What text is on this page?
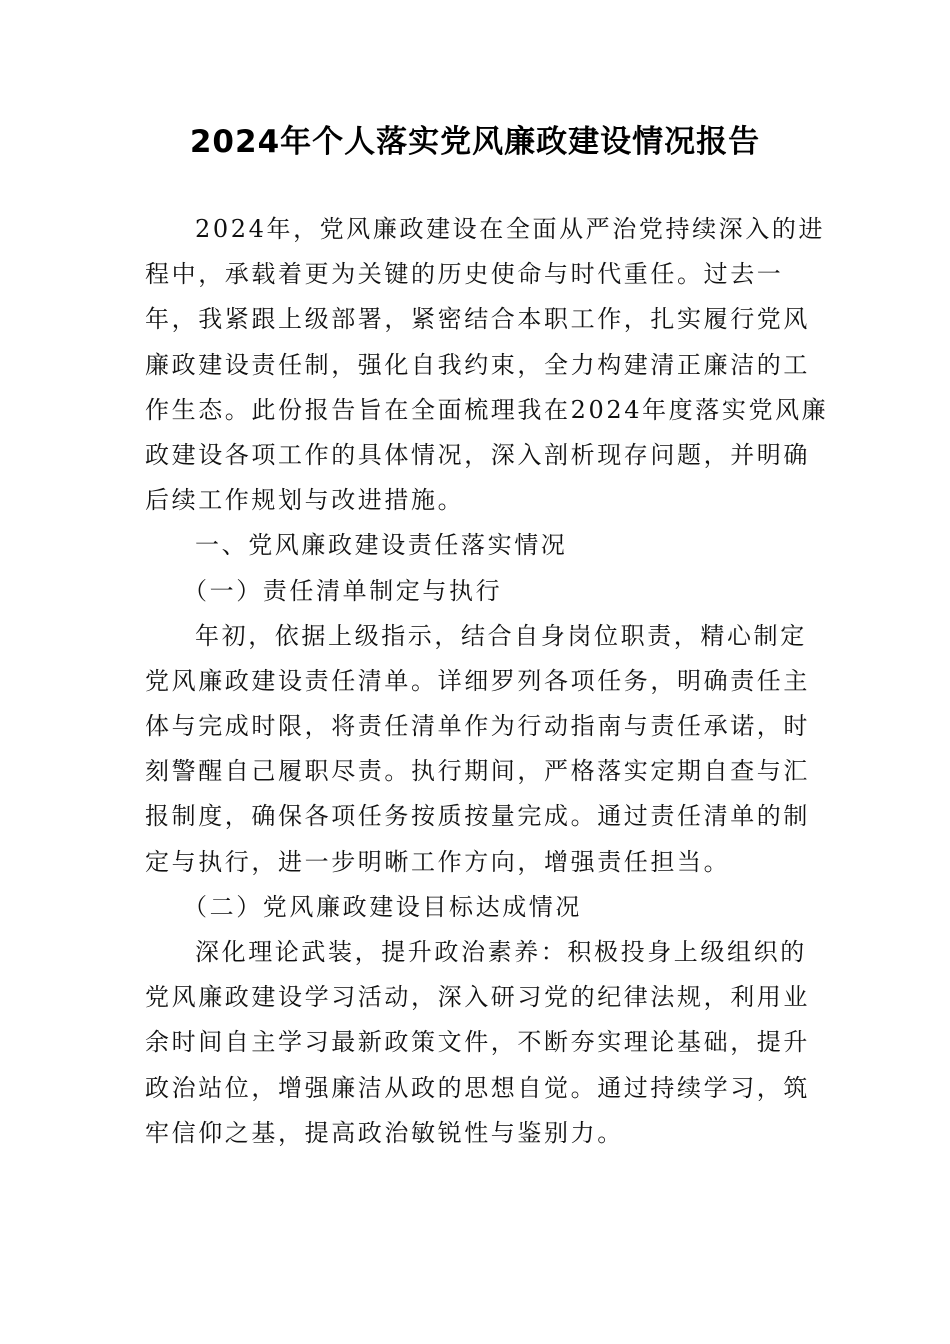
2024年个人落实党风廉政建设情况报告
2024年，党风廉政建设在全面从严治党持续深入的进
程中，承载着更为关键的历史使命与时代重任。过去一
年，我紧跟上级部署，紧密结合本职工作，扎实履行党风
廉政建设责任制，强化自我约束，全力构建清正廉洁的工
作生态。此份报告旨在全面梳理我在2024年度落实党风廉
政建设各项工作的具体情况，深入剖析现存问题，并明确
后续工作规划与改进措施。
一、党风廉政建设责任落实情况
（一）责任清单制定与执行
年初，依据上级指示，结合自身岗位职责，精心制定
党风廉政建设责任清单。详细罗列各项任务，明确责任主
体与完成时限，将责任清单作为行动指南与责任承诺，时
刻警醒自己履职尽责。执行期间，严格落实定期自查与汇
报制度，确保各项任务按质按量完成。通过责任清单的制
定与执行，进一步明晰工作方向，增强责任担当。
（二）党风廉政建设目标达成情况
深化理论武装，提升政治素养：积极投身上级组织的
党风廉政建设学习活动，深入研习党的纪律法规，利用业
余时间自主学习最新政策文件，不断夯实理论基础，提升
政治站位，增强廉洁从政的思想自觉。通过持续学习，筑
牢信仰之基，提高政治敏锐性与鉴别力。
